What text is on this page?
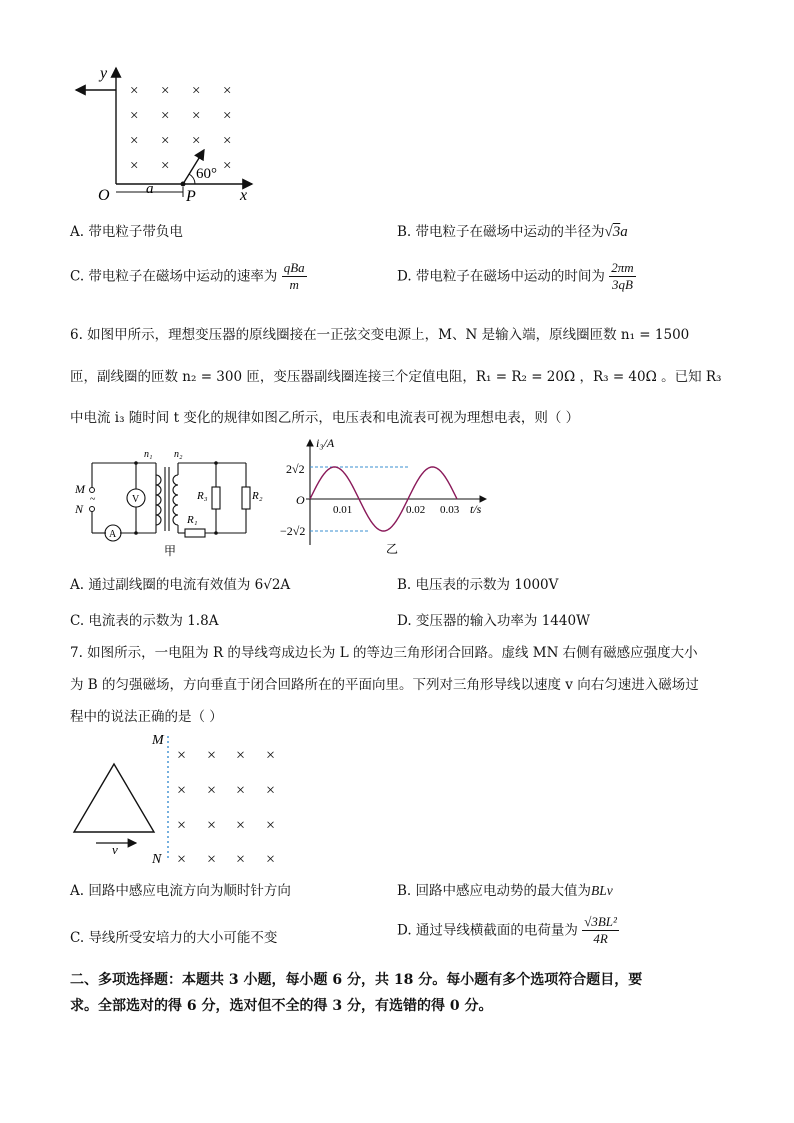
× × × ×
× × × ×
× × × ×
× ×	×
y
x
O a P
60°
A. 带电粒子带负电	B. 带电粒子在磁场中运动的半径为√3a
C. 带电粒子在磁场中运动的速率为 $\frac{\text{qBa}}{m}$	D. 带电粒子在磁场中运动的时间为 $\frac{2\pi m}{3qB}$
6. 如图甲所示，理想变压器的原线圈接在一正弦交变电源上，M、N 是输入端，原线圈匝数 n₁ = 1500
匝，副线圈的匝数 n₂ = 300 匝，变压器副线圈连接三个定值电阻，R₁ = R₂ = 20Ω ，R₃ = 40Ω 。已知 R₃
中电流 i₃ 随时间 t 变化的规律如图乙所示，电压表和电流表可视为理想电表，则（ ）
~
M
N
V
A
n₁ n₂
R₃	R₂
R₁
甲
2√2
−2√2
O
i₃/A
0.01	0.02 0.03 t/s
乙
A. 通过副线圈的电流有效值为 6√2A	B. 电压表的示数为 1000V
C. 电流表的示数为 1.8A	D. 变压器的输入功率为 1440W
7. 如图所示，一电阻为 R 的导线弯成边长为 L 的等边三角形闭合回路。虚线 MN 右侧有磁感应强度大小
为 B 的匀强磁场，方向垂直于闭合回路所在的平面向里。下列对三角形导线以速度 v 向右匀速进入磁场过
程中的说法正确的是（ ）
× × × ×
× × × ×
× × × ×
× × × ×
M
N
v
A. 回路中感应电流方向为顺时针方向	B. 回路中感应电动势的最大值为BLv
C. 导线所受安培力的大小可能不变	D. 通过导线横截面的电荷量为 $\frac{\text{√3BL²}}{4R}$
二、多项选择题：本题共 3 小题，每小题 6 分，共 18 分。每小题有多个选项符合题目，要
求。全部选对的得 6 分，选对但不全的得 3 分，有选错的得 0 分。
